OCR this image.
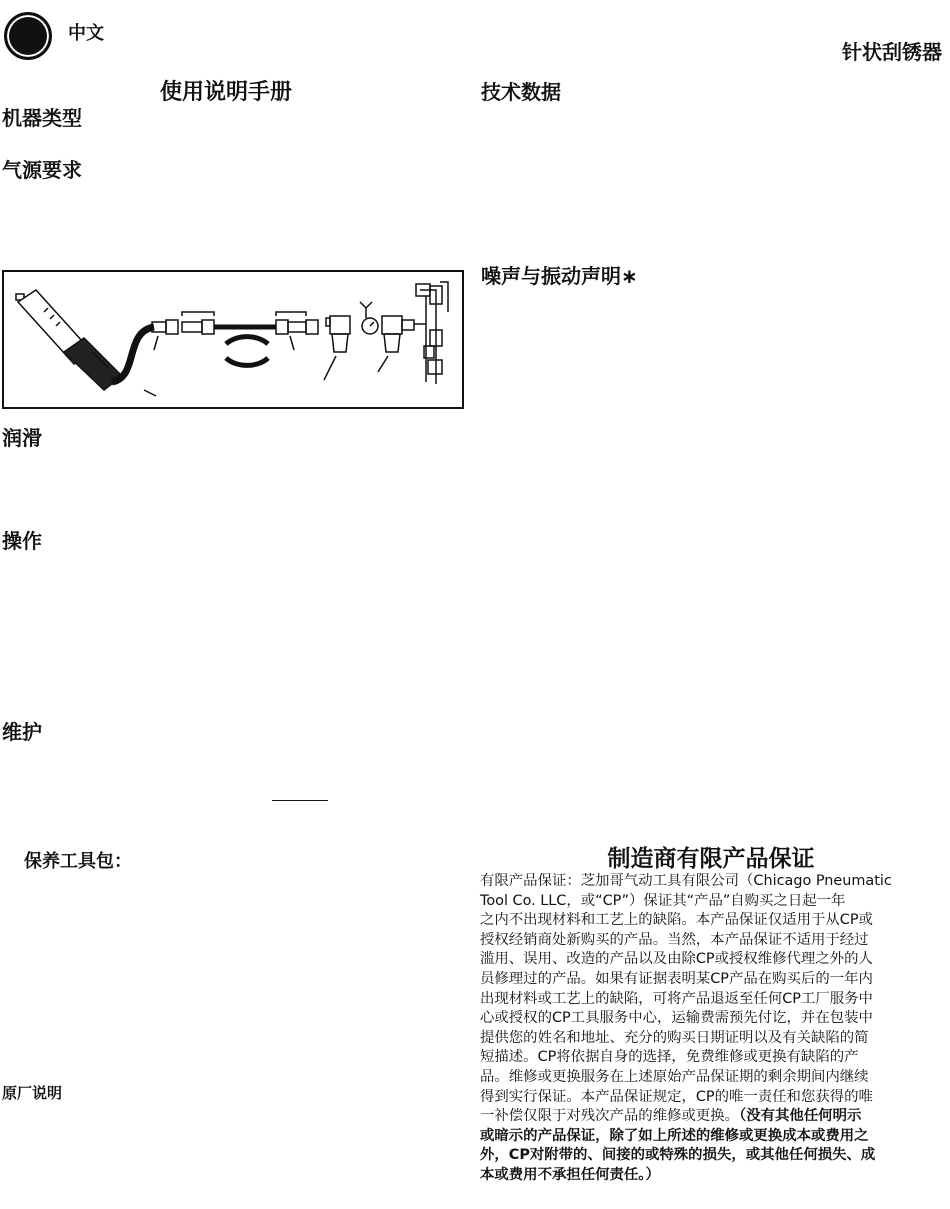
中文
针状刮锈器
使用说明手册
机器类型
气源要求
技术数据
噪声与振动声明∗
润滑
操作
维护
保养工具包：
原厂说明
制造商有限产品保证
有限产品保证：芝加哥气动工具有限公司（Chicago Pneumatic
Tool Co. LLC，或“CP”）保证其“产品”自购买之日起一年
之内不出现材料和工艺上的缺陷。本产品保证仅适用于从CP或
授权经销商处新购买的产品。当然，本产品保证不适用于经过
滥用、误用、改造的产品以及由除CP或授权维修代理之外的人
员修理过的产品。如果有证据表明某CP产品在购买后的一年内
出现材料或工艺上的缺陷，可将产品退返至任何CP工厂服务中
心或授权的CP工具服务中心，运输费需预先付讫，并在包装中
提供您的姓名和地址、充分的购买日期证明以及有关缺陷的简
短描述。CP将依据自身的选择，免费维修或更换有缺陷的产
品。维修或更换服务在上述原始产品保证期的剩余期间内继续
得到实行保证。本产品保证规定，CP的唯一责任和您获得的唯
一补偿仅限于对残次产品的维修或更换。（没有其他任何明示
或暗示的产品保证，除了如上所述的维修或更换成本或费用之
外，CP对附带的、间接的或特殊的损失，或其他任何损失、成
本或费用不承担任何责任。）
